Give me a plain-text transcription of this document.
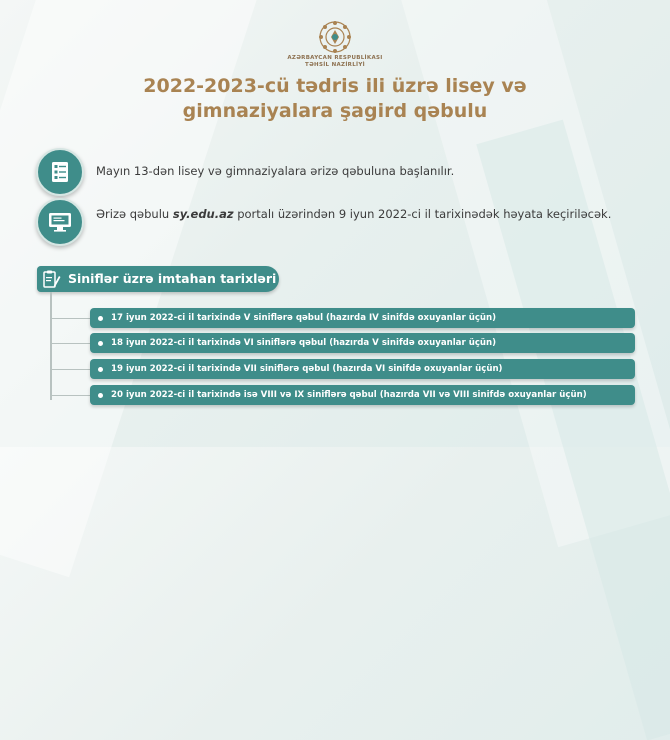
AZƏRBAYCAN RESPUBLİKASI
TƏHSİL NAZİRLİYİ
2022-2023-cü tədris ili üzrə lisey və
gimnaziyalara şagird qəbulu
Mayın 13-dən lisey və gimnaziyalara ərizə qəbuluna başlanılır.
Ərizə qəbulu sy.edu.az portalı üzərindən 9 iyun 2022-ci il tarixinədək həyata keçiriləcək.
Siniflər üzrə imtahan tarixləri
17 iyun 2022-ci il tarixində V siniflərə qəbul (hazırda IV sinifdə oxuyanlar üçün)
18 iyun 2022-ci il tarixində VI siniflərə qəbul (hazırda V sinifdə oxuyanlar üçün)
19 iyun 2022-ci il tarixində VII siniflərə qəbul (hazırda VI sinifdə oxuyanlar üçün)
20 iyun 2022-ci il tarixində isə VIII və IX siniflərə qəbul (hazırda VII və VIII sinifdə oxuyanlar üçün)
